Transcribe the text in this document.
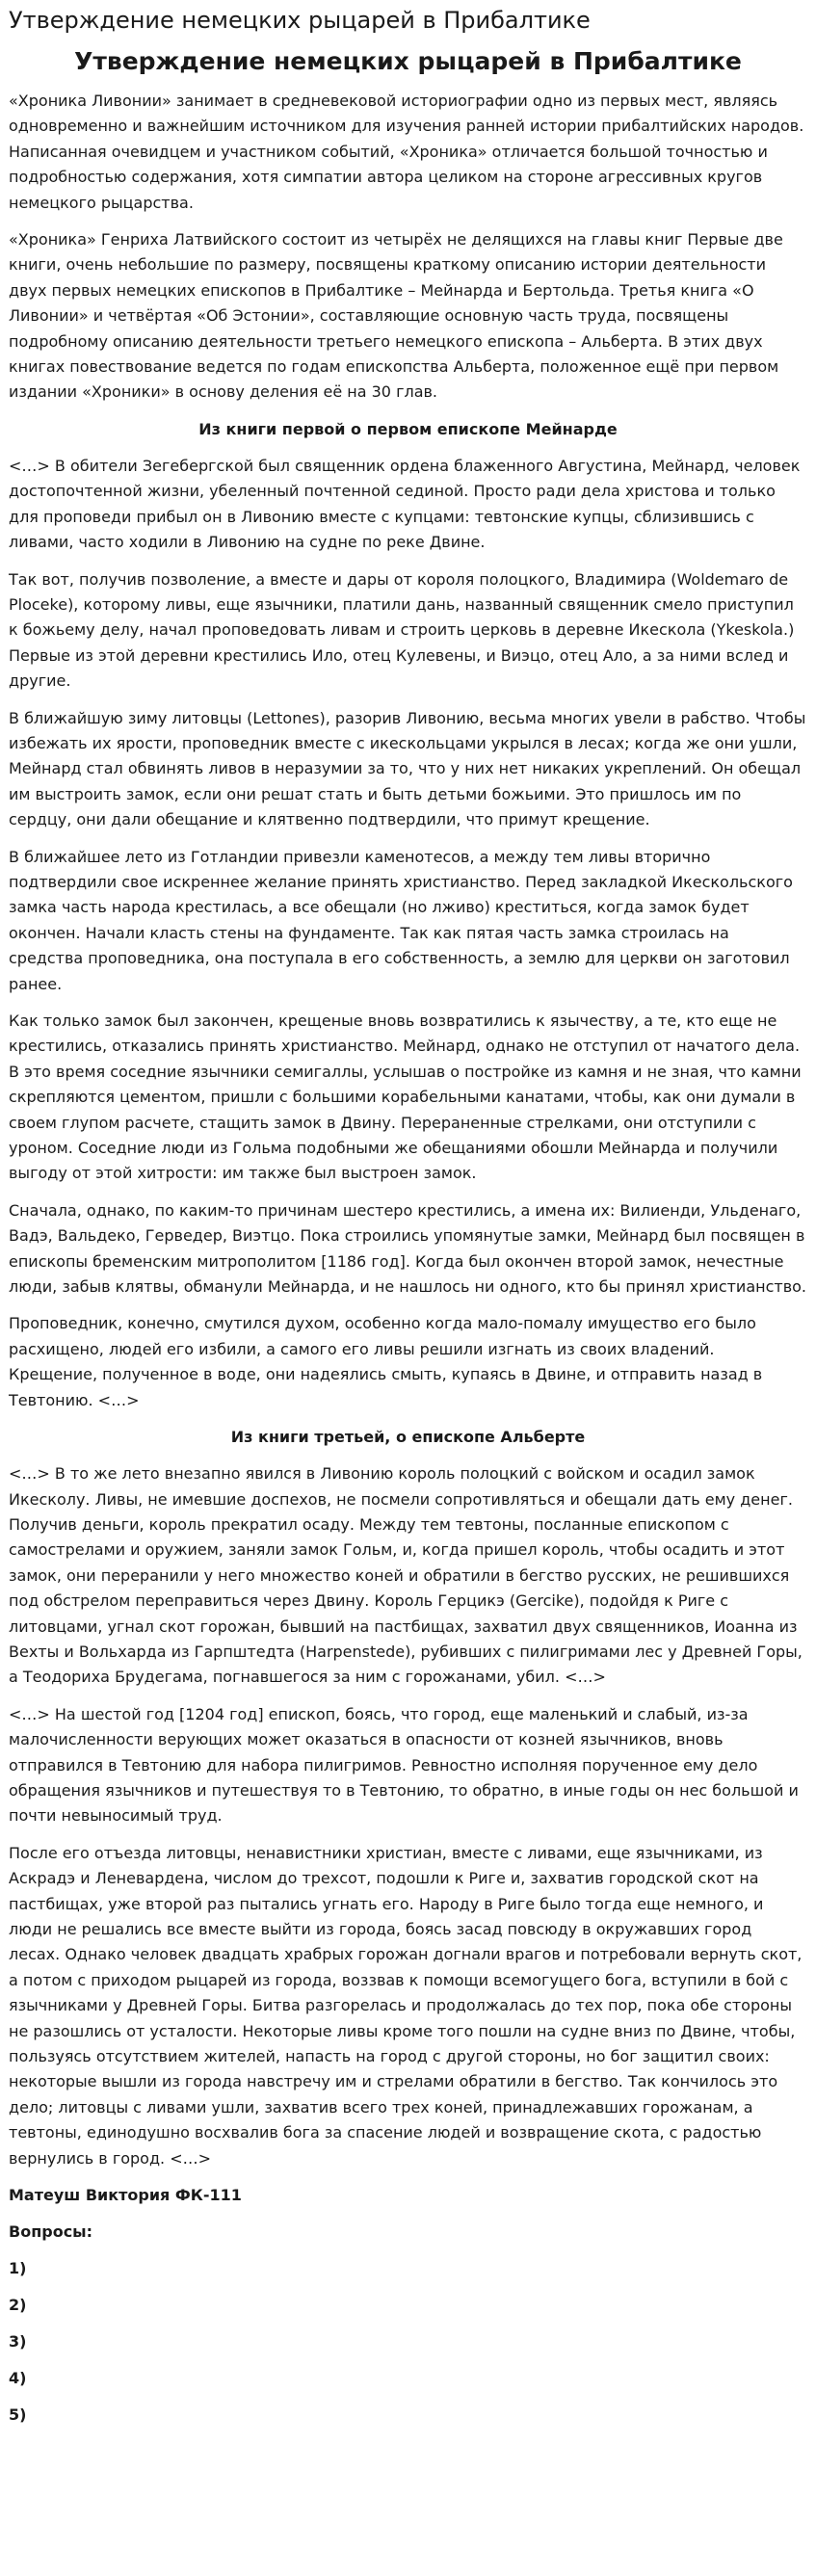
Утверждение немецких рыцарей в Прибалтике
Утверждение немецких рыцарей в Прибалтике

«Хроника Ливонии» занимает в средневековой историографии одно из первых мест, являясь одновременно и важнейшим источником для изучения ранней истории прибалтийских народов. Написанная очевидцем и участником событий, «Хроника» отличается большой точностью и подробностью содержания, хотя симпатии автора целиком на стороне агрессивных кругов немецкого рыцарства.

«Хроника» Генриха Латвийского состоит из четырёх не делящихся на главы книг Первые две книги, очень небольшие по размеру, посвящены краткому описанию истории деятельности двух первых немецких епископов в Прибалтике – Мейнарда и Бертольда. Третья книга «О Ливонии» и четвёртая «Об Эстонии», составляющие основную часть труда, посвящены подробному описанию деятельности третьего немецкого епископа – Альберта. В этих двух книгах повествование ведется по годам епископства Альберта, положенное ещё при первом издании «Хроники» в основу деления её на 30 глав.

Из книги первой о первом епископе Мейнарде

<…> В обители Зегебергской был священник ордена блаженного Августина, Мейнард, человек достопочтенной жизни, убеленный почтенной сединой. Просто ради дела христова и только для проповеди прибыл он в Ливонию вместе с купцами: тевтонские купцы, сблизившись с ливами, часто ходили в Ливонию на судне по реке Двине.

Так вот, получив позволение, а вместе и дары от короля полоцкого, Владимира (Woldemaro de Ploceke), которому ливы, еще язычники, платили дань, названный священник смело приступил к божьему делу, начал проповедовать ливам и строить церковь в деревне Икескола (Ykeskola.) Первые из этой деревни крестились Ило, отец Кулевены, и Виэцо, отец Ало, а за ними вслед и другие.

В ближайшую зиму литовцы (Lettones), разорив Ливонию, весьма многих увели в рабство. Чтобы избежать их ярости, проповедник вместе с икескольцами укрылся в лесах; когда же они ушли, Мейнард стал обвинять ливов в неразумии за то, что у них нет никаких укреплений. Он обещал им выстроить замок, если они решат стать и быть детьми божьими. Это пришлось им по сердцу, они дали обещание и клятвенно подтвердили, что примут крещение.

В ближайшее лето из Готландии привезли каменотесов, а между тем ливы вторично подтвердили свое искреннее желание принять христианство. Перед закладкой Икескольского замка часть народа крестилась, а все обещали (но лживо) креститься, когда замок будет окончен. Начали класть стены на фундаменте. Так как пятая часть замка строилась на средства проповедника, она поступала в его собственность, а землю для церкви он заготовил ранее.

Как только замок был закончен, крещеные вновь возвратились к язычеству, а те, кто еще не крестились, отказались принять христианство. Мейнард, однако не отступил от начатого дела. В это время соседние язычники семигаллы, услышав о постройке из камня и не зная, что камни скрепляются цементом, пришли с большими корабельными канатами, чтобы, как они думали в своем глупом расчете, стащить замок в Двину. Перераненные стрелками, они отступили с уроном. Соседние люди из Гольма подобными же обещаниями обошли Мейнарда и получили выгоду от этой хитрости: им также был выстроен замок.

Сначала, однако, по каким-то причинам шестеро крестились, а имена их: Вилиенди, Ульденаго, Вадэ, Вальдеко, Герведер, Виэтцо. Пока строились упомянутые замки, Мейнард был посвящен в епископы бременским митрополитом [1186 год]. Когда был окончен второй замок, нечестные люди, забыв клятвы, обманули Мейнарда, и не нашлось ни одного, кто бы принял христианство.

Проповедник, конечно, смутился духом, особенно когда мало-помалу имущество его было расхищено, людей его избили, а самого его ливы решили изгнать из своих владений. Крещение, полученное в воде, они надеялись смыть, купаясь в Двине, и отправить назад в Тевтонию. <…>

Из книги третьей, о епископе Альберте

<…> В то же лето внезапно явился в Ливонию король полоцкий с войском и осадил замок Икесколу. Ливы, не имевшие доспехов, не посмели сопротивляться и обещали дать ему денег. Получив деньги, король прекратил осаду. Между тем тевтоны, посланные епископом с самострелами и оружием, заняли замок Гольм, и, когда пришел король, чтобы осадить и этот замок, они переранили у него множество коней и обратили в бегство русских, не решившихся под обстрелом переправиться через Двину. Король Герцикэ (Gercike), подойдя к Риге с литовцами, угнал скот горожан, бывший на пастбищах, захватил двух священников, Иоанна из Вехты и Вольхарда из Гарпштедта (Harpenstede), рубивших с пилигримами лес у Древней Горы, а Теодориха Брудегама, погнавшегося за ним с горожанами, убил. <…>

<…> На шестой год [1204 год] епископ, боясь, что город, еще маленький и слабый, из-за малочисленности верующих может оказаться в опасности от козней язычников, вновь отправился в Тевтонию для набора пилигримов. Ревностно исполняя порученное ему дело обращения язычников и путешествуя то в Тевтонию, то обратно, в иные годы он нес большой и почти невыносимый труд.

После его отъезда литовцы, ненавистники христиан, вместе с ливами, еще язычниками, из Аскрадэ и Леневардена, числом до трехсот, подошли к Риге и, захватив городской скот на пастбищах, уже второй раз пытались угнать его. Народу в Риге было тогда еще немного, и люди не решались все вместе выйти из города, боясь засад повсюду в окружавших город лесах. Однако человек двадцать храбрых горожан догнали врагов и потребовали вернуть скот, а потом с приходом рыцарей из города, воззвав к помощи всемогущего бога, вступили в бой с язычниками у Древней Горы. Битва разгорелась и продолжалась до тех пор, пока обе стороны не разошлись от усталости. Некоторые ливы кроме того пошли на судне вниз по Двине, чтобы, пользуясь отсутствием жителей, напасть на город с другой стороны, но бог защитил своих: некоторые вышли из города навстречу им и стрелами обратили в бегство. Так кончилось это дело; литовцы с ливами ушли, захватив всего трех коней, принадлежавших горожанам, а тевтоны, единодушно восхвалив бога за спасение людей и возвращение скота, с радостью вернулись в город. <…>

Матеуш Виктория ФК-111
Вопросы:
1)
2)
3)
4)
5)
